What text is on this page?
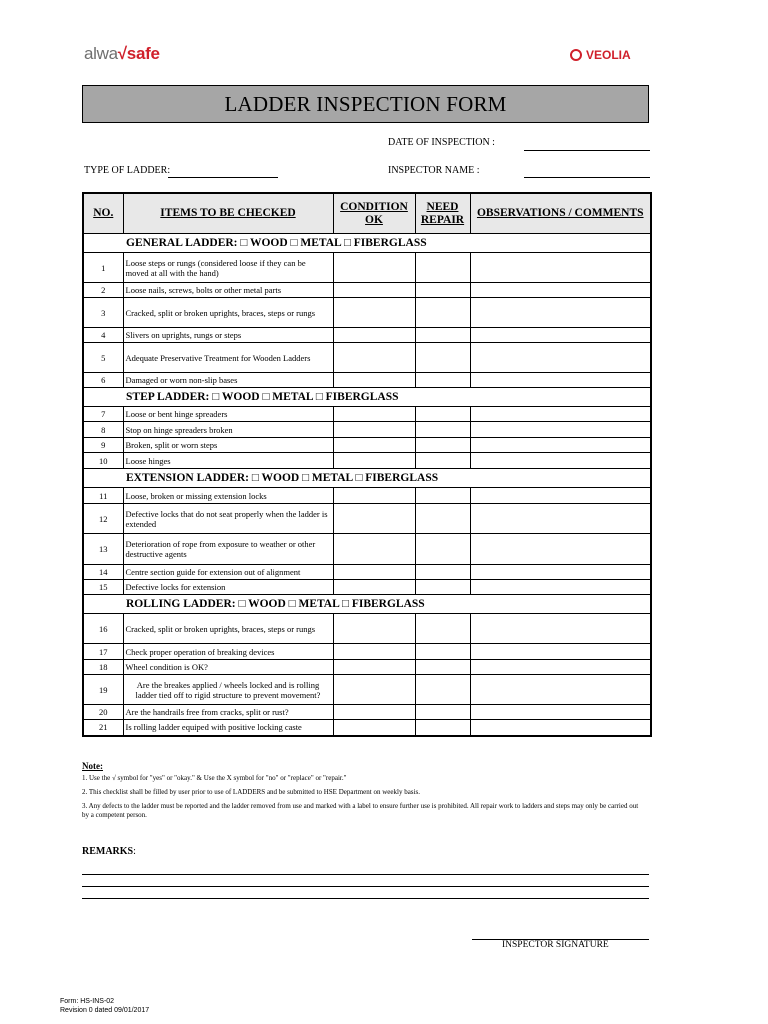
alwa√safe	VEOLIA
LADDER INSPECTION FORM
DATE OF INSPECTION :
TYPE OF LADDER:	INSPECTOR NAME :
NO.	ITEMS TO BE CHECKED	CONDITION OK	NEED REPAIR	OBSERVATIONS / COMMENTS
GENERAL LADDER: □ WOOD □ METAL □ FIBERGLASS				
1	Loose steps or rungs (considered loose if they can be moved at all with the hand)			
2	Loose nails, screws, bolts or other metal parts			
3	Cracked, split or broken uprights, braces, steps or rungs			
4	Slivers on uprights, rungs or steps			
5	Adequate Preservative Treatment for Wooden Ladders			
6	Damaged or worn non-slip bases			
STEP LADDER: □ WOOD □ METAL □ FIBERGLASS				
7	Loose or bent hinge spreaders			
8	Stop on hinge spreaders broken			
9	Broken, split or worn steps			
10	Loose hinges			
EXTENSION LADDER: □ WOOD □ METAL □ FIBERGLASS				
11	Loose, broken or missing extension locks			
12	Defective locks that do not seat properly when the ladder is extended			
13	Deterioration of rope from exposure to weather or other destructive agents			
14	Centre section guide for extension out of alignment			
15	Defective locks for extension			
ROLLING LADDER: □ WOOD □ METAL □ FIBERGLASS				
16	Cracked, split or broken uprights, braces, steps or rungs			
17	Check proper operation of breaking devices			
18	Wheel condition is OK?			
19	Are the breakes applied / wheels locked and is rolling ladder tied off to rigid structure to prevent movement?			
20	Are the handrails free from cracks, split or rust?			
21	Is rolling ladder equiped with positive locking caste			
Note:

1. Use the √ symbol for "yes" or "okay." & Use the X symbol for "no" or "replace" or "repair."

2. This checklist shall be filled by user prior to use of LADDERS and be submitted to HSE Department on weekly basis.

3. Any defects to the ladder must be reported and the ladder removed from use and marked with a label to ensure further use is prohibited. All repair work to ladders and steps may only be carried out by a competent person.

REMARKS:
INSPECTOR SIGNATURE
Form: HS-INS-02
Revision 0 dated 09/01/2017
